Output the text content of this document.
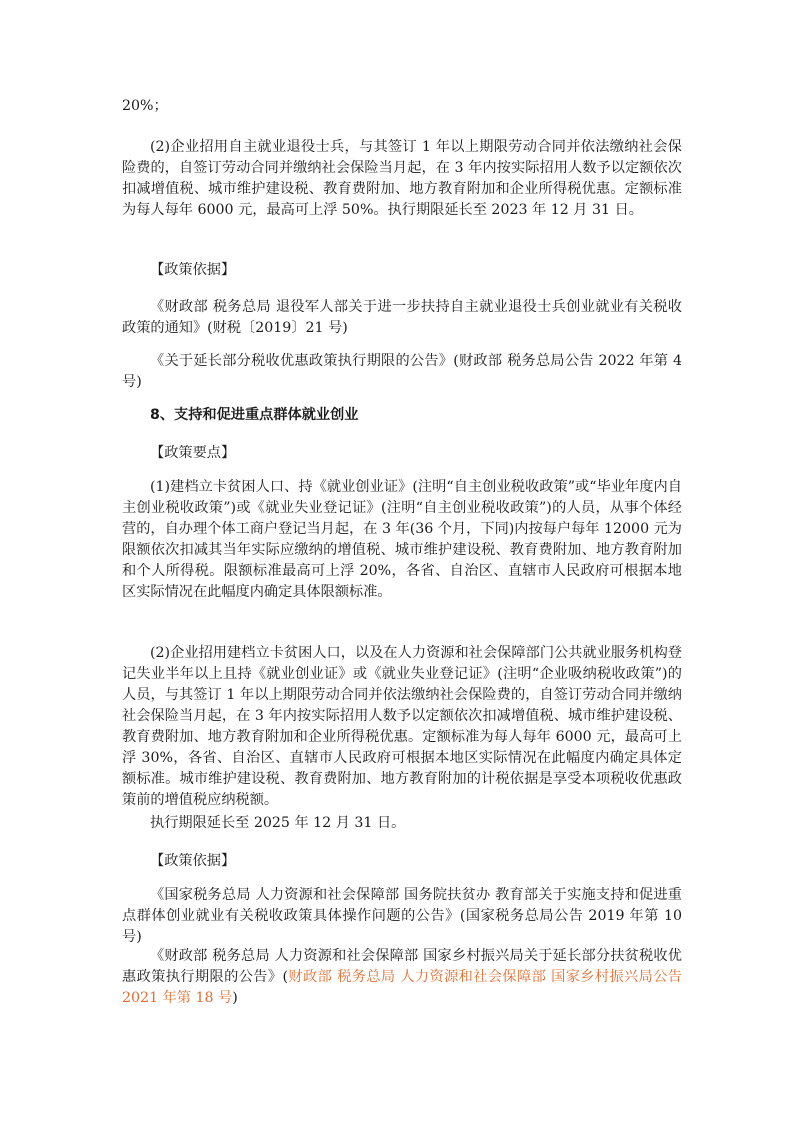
20%；

(2)企业招用自主就业退役士兵，与其签订 1 年以上期限劳动合同并依法缴纳社会保险费的，自签订劳动合同并缴纳社会保险当月起，在 3 年内按实际招用人数予以定额依次扣减增值税、城市维护建设税、教育费附加、地方教育附加和企业所得税优惠。定额标准为每人每年 6000 元，最高可上浮 50%。执行期限延长至 2023 年 12 月 31 日。

【政策依据】

《财政部 税务总局 退役军人部关于进一步扶持自主就业退役士兵创业就业有关税收政策的通知》(财税〔2019〕21 号)

《关于延长部分税收优惠政策执行期限的公告》(财政部 税务总局公告 2022 年第 4 号)

8、支持和促进重点群体就业创业

【政策要点】

(1)建档立卡贫困人口、持《就业创业证》(注明“自主创业税收政策”或“毕业年度内自主创业税收政策”)或《就业失业登记证》(注明“自主创业税收政策”)的人员，从事个体经营的，自办理个体工商户登记当月起，在 3 年(36 个月，下同)内按每户每年 12000 元为限额依次扣减其当年实际应缴纳的增值税、城市维护建设税、教育费附加、地方教育附加和个人所得税。限额标准最高可上浮 20%，各省、自治区、直辖市人民政府可根据本地区实际情况在此幅度内确定具体限额标准。

(2)企业招用建档立卡贫困人口，以及在人力资源和社会保障部门公共就业服务机构登记失业半年以上且持《就业创业证》或《就业失业登记证》(注明“企业吸纳税收政策”)的人员，与其签订 1 年以上期限劳动合同并依法缴纳社会保险费的，自签订劳动合同并缴纳社会保险当月起，在 3 年内按实际招用人数予以定额依次扣减增值税、城市维护建设税、教育费附加、地方教育附加和企业所得税优惠。定额标准为每人每年 6000 元，最高可上浮 30%，各省、自治区、直辖市人民政府可根据本地区实际情况在此幅度内确定具体定额标准。城市维护建设税、教育费附加、地方教育附加的计税依据是享受本项税收优惠政策前的增值税应纳税额。

执行期限延长至 2025 年 12 月 31 日。

【政策依据】

《国家税务总局 人力资源和社会保障部 国务院扶贫办 教育部关于实施支持和促进重点群体创业就业有关税收政策具体操作问题的公告》(国家税务总局公告 2019 年第 10 号)

《财政部 税务总局 人力资源和社会保障部 国家乡村振兴局关于延长部分扶贫税收优惠政策执行期限的公告》(财政部 税务总局 人力资源和社会保障部 国家乡村振兴局公告 2021 年第 18 号)
